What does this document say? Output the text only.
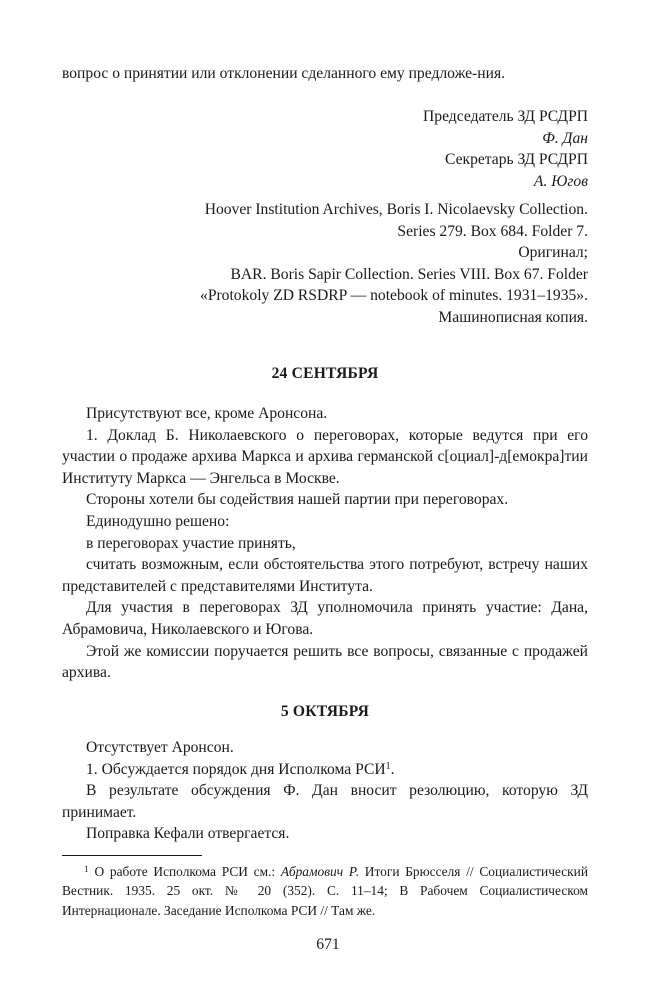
вопрос о принятии или отклонении сделанного ему предложе-ния.

Председатель ЗД РСДРП

Ф. Дан

Секретарь ЗД РСДРП

А. Югов

Hoover Institution Archives, Boris I. Nicolaevsky Collection.

Series 279. Box 684. Folder 7.

Оригинал;

BAR. Boris Sapir Collection. Series VIII. Box 67. Folder

«Protokoly ZD RSDRP — notebook of minutes. 1931–1935».

Машинописная копия.

24 СЕНТЯБРЯ

Присутствуют все, кроме Аронсона.

1. Доклад Б. Николаевского о переговорах, которые ведутся при его участии о продаже архива Маркса и архива германской с[оциал]-д[емокра]тии Институту Маркса — Энгельса в Москве.

Стороны хотели бы содействия нашей партии при переговорах.

Единодушно решено:

в переговорах участие принять,

считать возможным, если обстоятельства этого потребуют, встречу наших представителей с представителями Института.

Для участия в переговорах ЗД уполномочила принять участие: Дана, Абрамовича, Николаевского и Югова.

Этой же комиссии поручается решить все вопросы, связанные с продажей архива.

5 ОКТЯБРЯ

Отсутствует Аронсон.

1. Обсуждается порядок дня Исполкома РСИ$^1$.

В результате обсуждения Ф. Дан вносит резолюцию, которую ЗД принимает.

Поправка Кефали отвергается.

$^1$ О работе Исполкома РСИ см.: Абрамович Р. Итоги Брюсселя // Социалистический Вестник. 1935. 25 окт. № 20 (352). С. 11–14; В Рабочем Социалистическом Интернационале. Заседание Исполкома РСИ // Там же.
671
